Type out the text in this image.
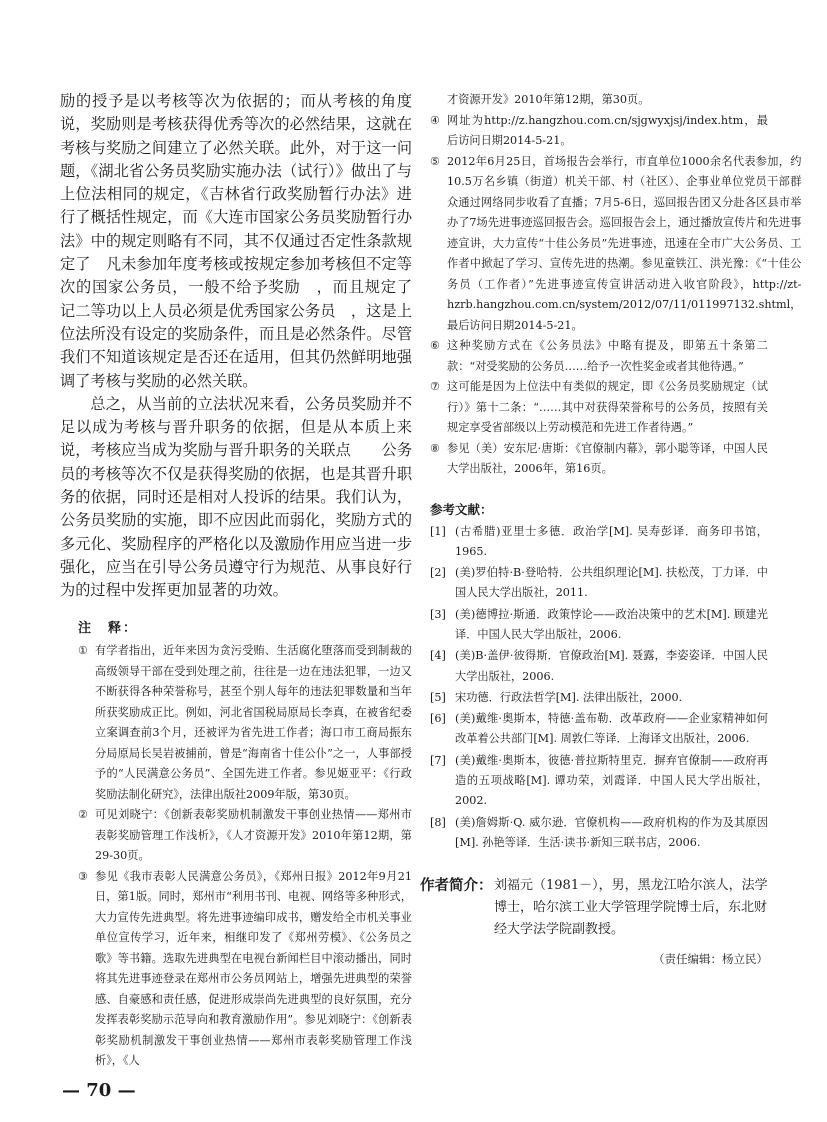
励的授予是以考核等次为依据的；而从考核的角度说，奖励则是考核获得优秀等次的必然结果，这就在考核与奖励之间建立了必然关联。此外，对于这一问题，《湖北省公务员奖励实施办法（试行）》做出了与上位法相同的规定，《吉林省行政奖励暂行办法》进行了概括性规定，而《大连市国家公务员奖励暂行办法》中的规定则略有不同，其不仅通过否定性条款规定了　凡未参加年度考核或按规定参加考核但不定等次的国家公务员，一般不给予奖励　，而且规定了　记二等功以上人员必须是优秀国家公务员　，这是上位法所没有设定的奖励条件，而且是必然条件。尽管我们不知道该规定是否还在适用，但其仍然鲜明地强调了考核与奖励的必然关联。

总之，从当前的立法状况来看，公务员奖励并不足以成为考核与晋升职务的依据，但是从本质上来说，考核应当成为奖励与晋升职务的关联点　　公务员的考核等次不仅是获得奖励的依据，也是其晋升职务的依据，同时还是相对人投诉的结果。我们认为，公务员奖励的实施，即不应因此而弱化，奖励方式的多元化、奖励程序的严格化以及激励作用应当进一步强化，应当在引导公务员遵守行为规范、从事良好行为的过程中发挥更加显著的功效。

注　释：
① 有学者指出，近年来因为贪污受贿、生活腐化堕落而受到制裁的高级领导干部在受到处理之前，往往是一边在违法犯罪，一边又不断获得各种荣誉称号，甚至个别人每年的违法犯罪数量和当年所获奖励成正比。例如，河北省国税局原局长李真，在被省纪委立案调查前3个月，还被评为省先进工作者；海口市工商局振东分局原局长吴岩被捕前，曾是“海南省十佳公仆”之一，人事部授予的“人民满意公务员”、全国先进工作者。参见姬亚平：《行政奖励法制化研究》，法律出版社2009年版，第30页。
② 可见刘晓宁：《创新表彰奖励机制激发干事创业热情——郑州市表彰奖励管理工作浅析》，《人才资源开发》2010年第12期，第29-30页。
③ 参见《我市表彰人民满意公务员》，《郑州日报》2012年9月21日，第1版。同时，郑州市“利用书刊、电视、网络等多种形式，大力宣传先进典型。将先进事迹编印成书，赠发给全市机关事业单位宣传学习，近年来，相继印发了《郑州劳模》、《公务员之歌》等书籍。选取先进典型在电视台新闻栏目中滚动播出，同时将其先进事迹登录在郑州市公务员网站上，增强先进典型的荣誉感、自豪感和责任感，促进形成崇尚先进典型的良好氛围，充分发挥表彰奖励示范导向和教育激励作用”。参见刘晓宁：《创新表彰奖励机制激发干事创业热情——郑州市表彰奖励管理工作浅析》，《人
才资源开发》2010年第12期，第30页。
④ 网址为http://z.hangzhou.com.cn/sjgwyxjsj/index.htm，最后访问日期2014-5-21。
⑤ 2012年6月25日，首场报告会举行，市直单位1000余名代表参加，约10.5万名乡镇（街道）机关干部、村（社区）、企事业单位党员干部群众通过网络同步收看了直播；7月5-6日，巡回报告团又分赴各区县市举办了7场先进事迹巡回报告会。巡回报告会上，通过播放宣传片和先进事迹宣讲，大力宣传“十佳公务员”先进事迹，迅速在全市广大公务员、工作者中掀起了学习、宣传先进的热潮。参见童铁江、洪光豫：《“十佳公务员（工作者）”先进事迹宣传宣讲活动进入收官阶段》，http://zt-hzrb.hangzhou.com.cn/system/2012/07/11/011997132.shtml，最后访问日期2014-5-21。
⑥ 这种奖励方式在《公务员法》中略有提及，即第五十条第二款：“对受奖励的公务员……给予一次性奖金或者其他待遇。”
⑦ 这可能是因为上位法中有类似的规定，即《公务员奖励规定（试行）》第十二条：“……其中对获得荣誉称号的公务员，按照有关规定享受省部级以上劳动模范和先进工作者待遇。”
⑧ 参见（美）安东尼·唐斯：《官僚制内幕》，郭小聪等译，中国人民大学出版社，2006年，第16页。
参考文献：
[1] (古希腊)亚里士多德．政治学[M]. 吴寿彭译．商务印书馆，1965.
[2] (美)罗伯特·B·登哈特．公共组织理论[M]. 扶松茂，丁力译．中国人民大学出版社，2011.
[3] (美)德博拉·斯通．政策悖论——政治决策中的艺术[M]. 顾建光译．中国人民大学出版社，2006.
[4] (美)B·盖伊·彼得斯．官僚政治[M]. 聂露，李姿姿译．中国人民大学出版社，2006.
[5] 宋功德．行政法哲学[M]. 法律出版社，2000.
[6] (美)戴维·奥斯本，特德·盖布勒．改革政府——企业家精神如何改革着公共部门[M]. 周敦仁等译．上海译文出版社，2006.
[7] (美)戴维·奥斯本，彼德·普拉斯特里克．摒弃官僚制——政府再造的五项战略[M]. 谭功荣，刘霞译．中国人民大学出版社，2002.
[8] (美)詹姆斯·Q. 威尔逊．官僚机构——政府机构的作为及其原因[M]. 孙艳等译．生活·读书·新知三联书店，2006.
作者简介： 刘福元（1981－），男，黑龙江哈尔滨人，法学博士，哈尔滨工业大学管理学院博士后，东北财经大学法学院副教授。
（责任编辑：杨立民）
— 70 —
